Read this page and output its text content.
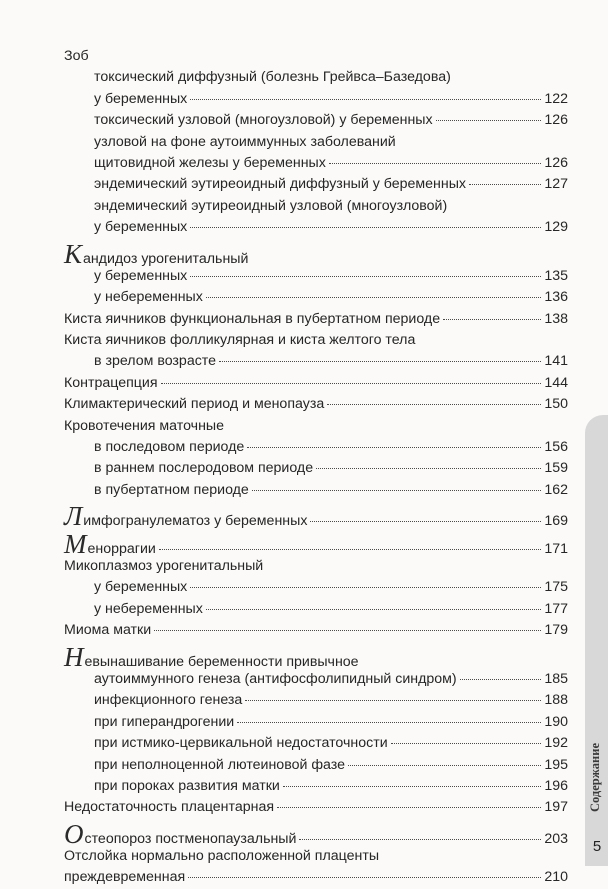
Зоб
токсический диффузный (болезнь Грейвса–Базедова)
у беременных	122
токсический узловой (многоузловой) у беременных	126
узловой на фоне аутоиммунных заболеваний
щитовидной железы у беременных	126
эндемический эутиреоидный диффузный у беременных	127
эндемический эутиреоидный узловой (многоузловой)
у беременных	129
К андидоз урогенитальный
у беременных	135
у небеременных	136
Киста яичников функциональная в пубертатном периоде	138
Киста яичников фолликулярная и киста желтого тела
в зрелом возрасте	141
Контрацепция	144
Климактерический период и менопауза	150
Кровотечения маточные
в последовом периоде	156
в раннем послеродовом периоде	159
в пубертатном периоде	162
Л имфогранулематоз у беременных	169
М еноррагии	171
Микоплазмоз урогенитальный
у беременных	175
у небеременных	177
Миома матки	179
Н евынашивание беременности привычное
аутоиммунного генеза (антифосфолипидный синдром)	185
инфекционного генеза	188
при гиперандрогении	190
при истмико-цервикальной недостаточности	192
при неполноценной лютеиновой фазе	195
при пороках развития матки	196
Недостаточность плацентарная	197
О стеопороз постменопаузальный	203
Отслойка нормально расположенной плаценты
преждевременная	210
Содержание
5
